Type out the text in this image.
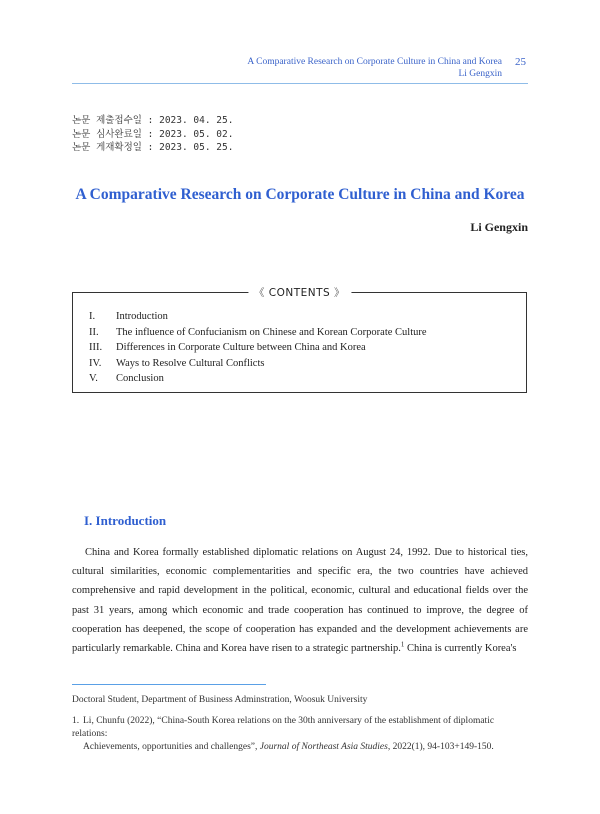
A Comparative Research on Corporate Culture in China and Korea
Li Gengxin
25
논문 제출접수일 : 2023. 04. 25.
논문 심사완료일 : 2023. 05. 02.
논문 게재확정일 : 2023. 05. 25.
A Comparative Research on Corporate Culture in China and Korea
Li Gengxin
《 CONTENTS 》
I. Introduction
II. The influence of Confucianism on Chinese and Korean Corporate Culture
III. Differences in Corporate Culture between China and Korea
IV. Ways to Resolve Cultural Conflicts
V. Conclusion
I. Introduction

China and Korea formally established diplomatic relations on August 24, 1992. Due to historical ties, cultural similarities, economic complementarities and specific era, the two countries have achieved comprehensive and rapid development in the political, economic, cultural and educational fields over the past 31 years, among which economic and trade cooperation has continued to improve, the degree of cooperation has deepened, the scope of cooperation has expanded and the development achievements are particularly remarkable. China and Korea have risen to a strategic partnership.$^1$ China is currently Korea's

Doctoral Student, Department of Business Adminstration, Woosuk University
1. Li, Chunfu (2022), “China-South Korea relations on the 30th anniversary of the establishment of diplomatic relations:
Achievements, opportunities and challenges”, Journal of Northeast Asia Studies, 2022(1), 94-103+149-150.
